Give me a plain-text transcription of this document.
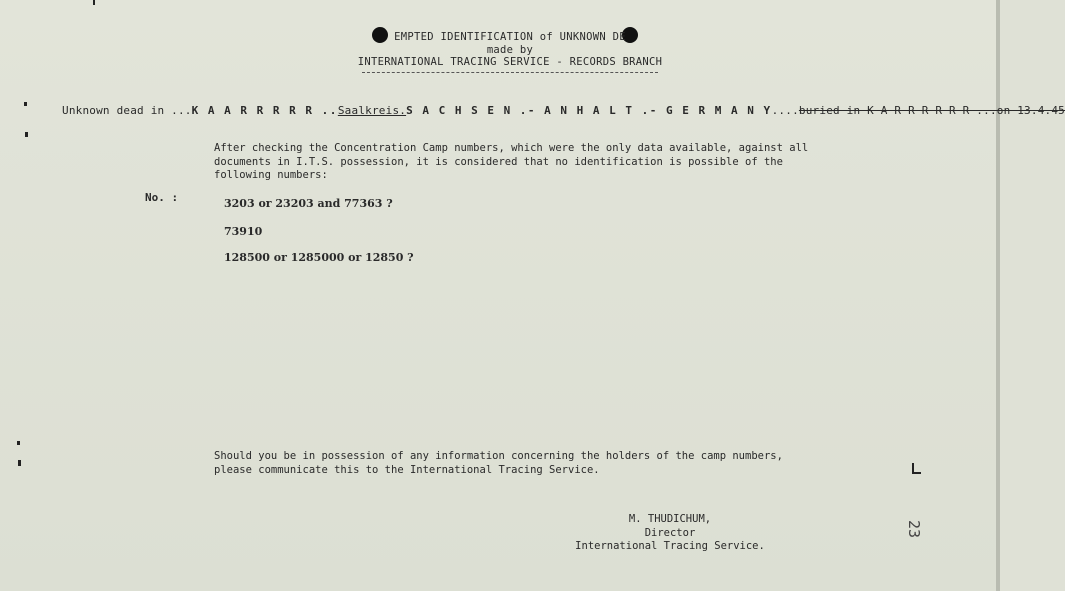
EMPTED IDENTIFICATION of UNKNOWN DE
made by
INTERNATIONAL TRACING SERVICE - RECORDS BRANCH
Unknown dead in ...K A A R R R R R ..Saalkreis.S A C H S E N .- A N H A L T .- G E R M A N Y....buried in K A R R R R R R ...on 13.4.45
After checking the Concentration Camp numbers, which were the only data available, against all
documents in I.T.S. possession, it is considered that no identification is possible of the
following numbers:
No. :	3203 or 23203 and 77363 ?
73910
128500 or 1285000 or 12850 ?
Should you be in possession of any information concerning the holders of the camp numbers,
please communicate this to the International Tracing Service.
M. THUDICHUM,
Director
International Tracing Service.
23
